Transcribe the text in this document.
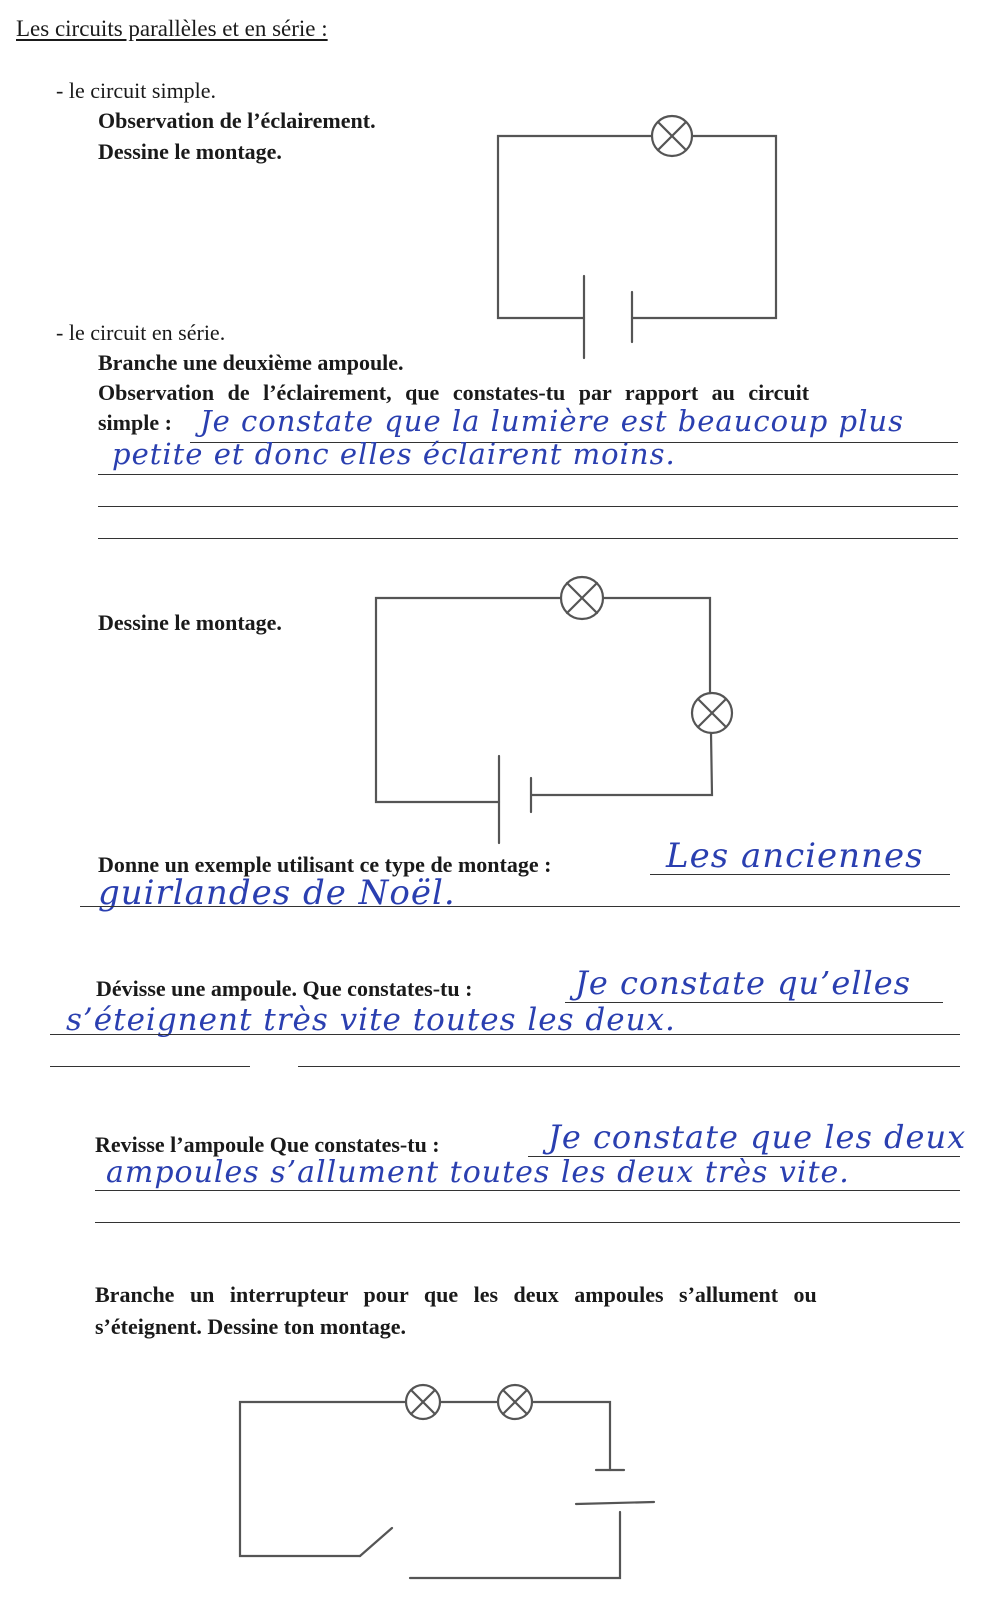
Les circuits parallèles et en série :
- le circuit simple.
Observation de l’éclairement.
Dessine le montage.
- le circuit en série.
Branche une deuxième ampoule.
Observation de l’éclairement, que constates-tu par rapport au circuit
simple : Je constate que la lumière est beaucoup plus
petite et donc elles éclairent moins.
Dessine le montage.
Donne un exemple utilisant ce type de montage :	Les anciennes
guirlandes de Noël.
Dévisse une ampoule. Que constates-tu :	Je constate qu’elles
s’éteignent très vite toutes les deux.
Revisse l’ampoule Que constates-tu :	Je constate que les deux
ampoules s’allument toutes les deux très vite.
Branche un interrupteur pour que les deux ampoules s’allument ou
s’éteignent. Dessine ton montage.
